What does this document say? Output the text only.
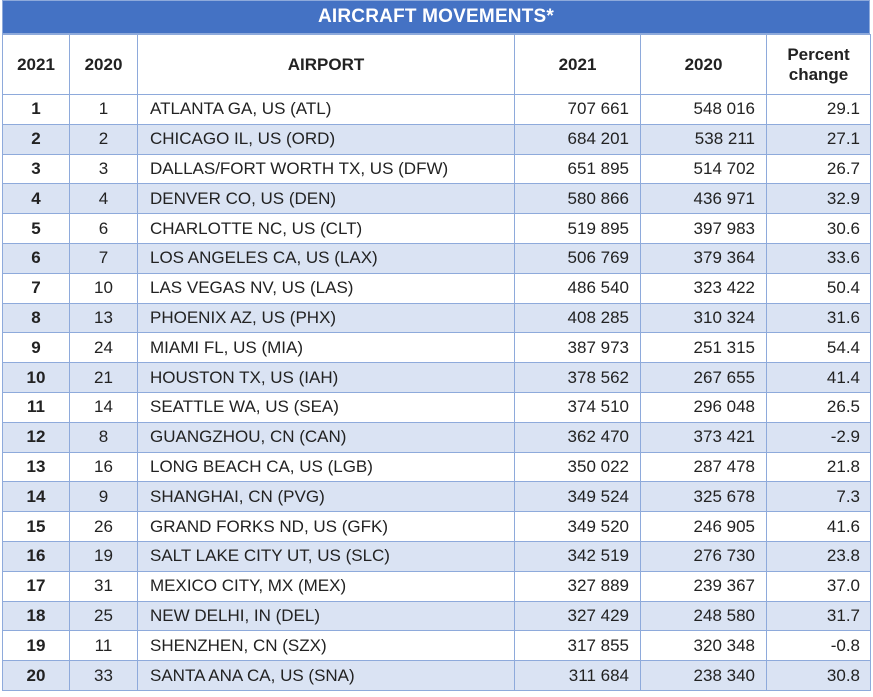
AIRCRAFT MOVEMENTS*
2021	2020	AIRPORT	2021	2020	Percent
change
1	1	ATLANTA GA, US (ATL)	707 661	548 016	29.1
2	2	CHICAGO IL, US (ORD)	684 201	538 211	27.1
3	3	DALLAS/FORT WORTH TX, US (DFW)	651 895	514 702	26.7
4	4	DENVER CO, US (DEN)	580 866	436 971	32.9
5	6	CHARLOTTE NC, US (CLT)	519 895	397 983	30.6
6	7	LOS ANGELES CA, US (LAX)	506 769	379 364	33.6
7	10	LAS VEGAS NV, US (LAS)	486 540	323 422	50.4
8	13	PHOENIX AZ, US (PHX)	408 285	310 324	31.6
9	24	MIAMI FL, US (MIA)	387 973	251 315	54.4
10	21	HOUSTON TX, US (IAH)	378 562	267 655	41.4
11	14	SEATTLE WA, US (SEA)	374 510	296 048	26.5
12	8	GUANGZHOU, CN (CAN)	362 470	373 421	-2.9
13	16	LONG BEACH CA, US (LGB)	350 022	287 478	21.8
14	9	SHANGHAI, CN (PVG)	349 524	325 678	7.3
15	26	GRAND FORKS ND, US (GFK)	349 520	246 905	41.6
16	19	SALT LAKE CITY UT, US (SLC)	342 519	276 730	23.8
17	31	MEXICO CITY, MX (MEX)	327 889	239 367	37.0
18	25	NEW DELHI, IN (DEL)	327 429	248 580	31.7
19	11	SHENZHEN, CN (SZX)	317 855	320 348	-0.8
20	33	SANTA ANA CA, US (SNA)	311 684	238 340	30.8
